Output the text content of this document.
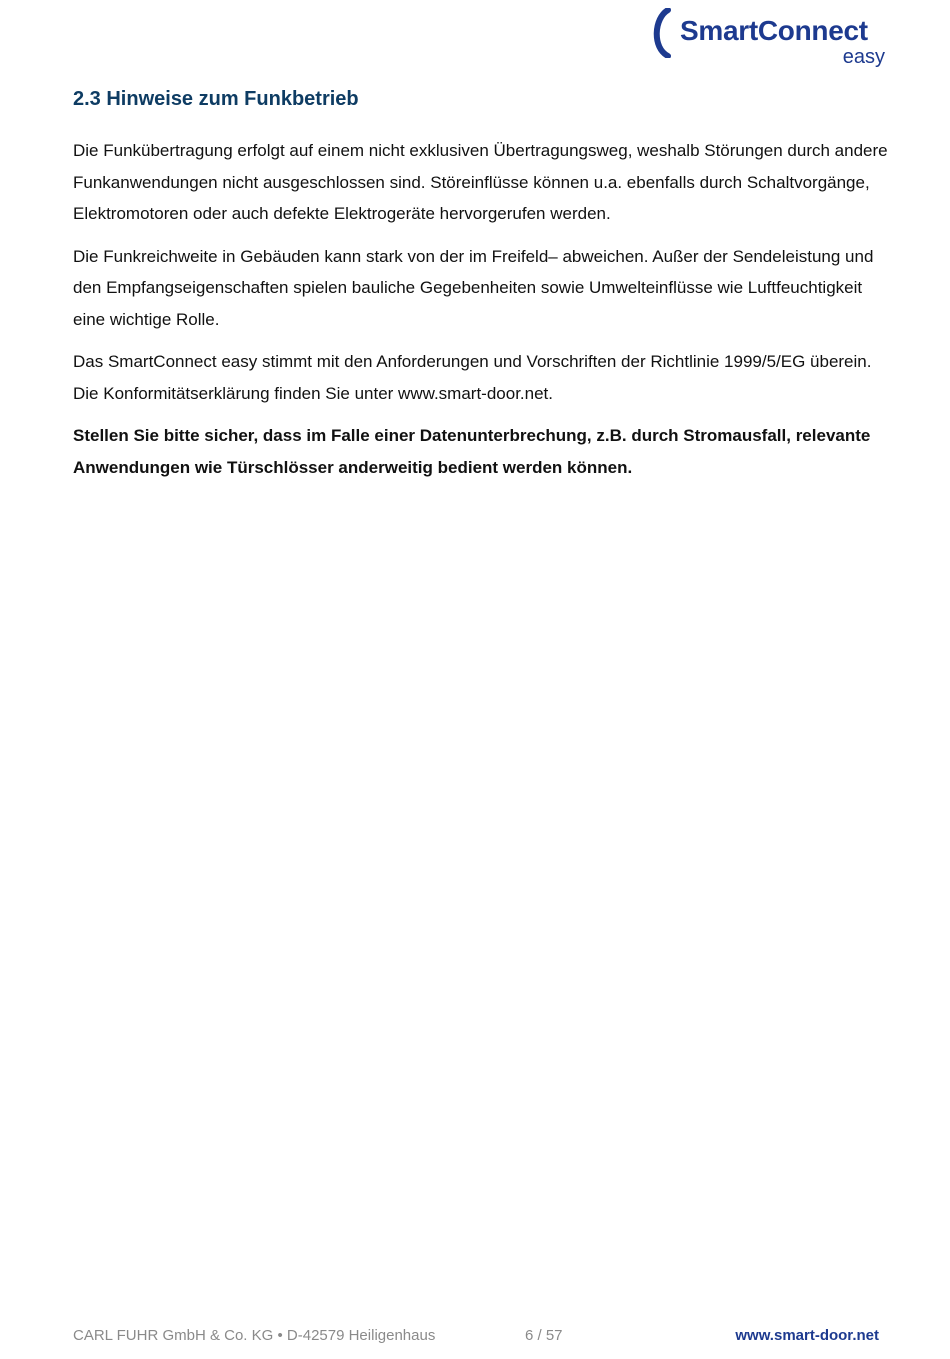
SmartConnect
easy
2.3 Hinweise zum Funkbetrieb

Die Funkübertragung erfolgt auf einem nicht exklusiven Übertragungsweg, weshalb Störungen durch andere Funkanwendungen nicht ausgeschlossen sind. Störeinflüsse können u.a. ebenfalls durch Schaltvorgänge, Elektromotoren oder auch defekte Elektrogeräte hervorgerufen werden.

Die Funkreichweite in Gebäuden kann stark von der im Freifeld– abweichen. Außer der Sendeleistung und den Empfangseigenschaften spielen bauliche Gegebenheiten sowie Umwelteinflüsse wie Luftfeuchtigkeit eine wichtige Rolle.

Das SmartConnect easy stimmt mit den Anforderungen und Vorschriften der Richtlinie 1999/5/EG überein. Die Konformitätserklärung finden Sie unter www.smart-door.net.

Stellen Sie bitte sicher, dass im Falle einer Datenunterbrechung, z.B. durch Stromausfall, relevante Anwendungen wie Türschlösser anderweitig bedient werden können.

CARL FUHR GmbH & Co. KG • D-42579 Heiligenhaus	6 / 57	www.smart-door.net
